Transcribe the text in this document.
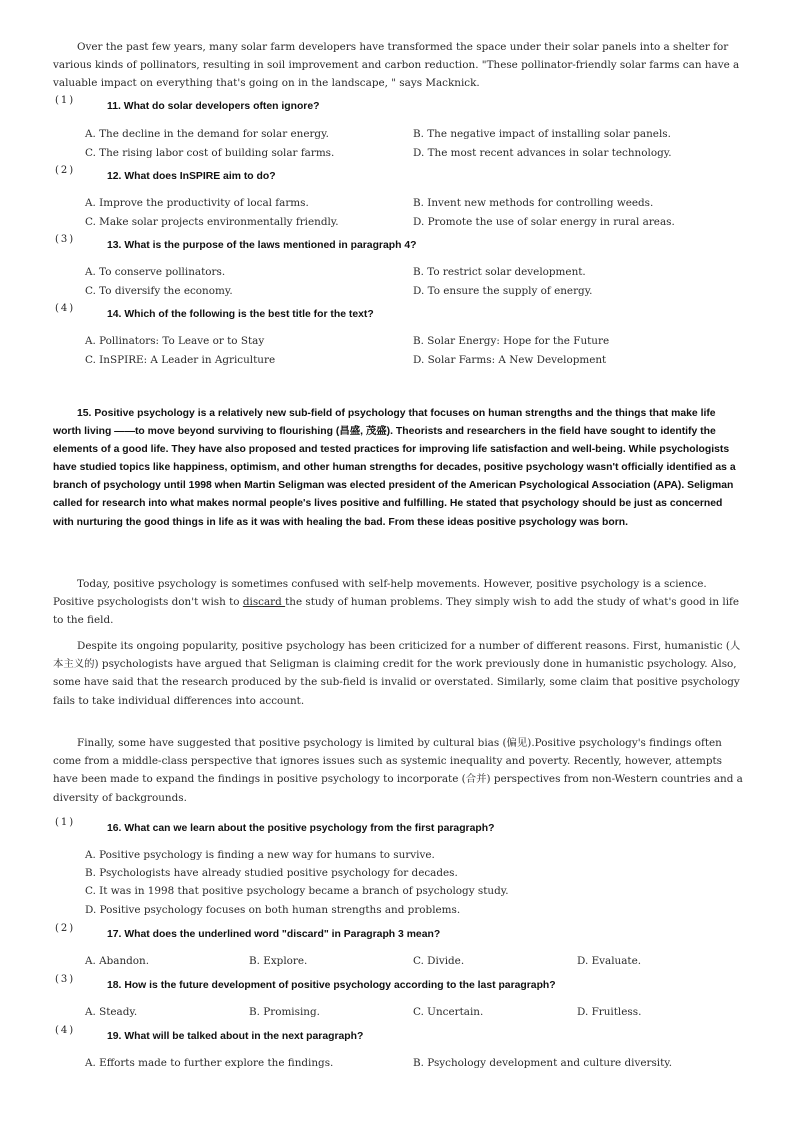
Over the past few years, many solar farm developers have transformed the space under their solar panels into a shelter for various kinds of pollinators, resulting in soil improvement and carbon reduction. "These pollinator-friendly solar farms can have a valuable impact on everything that's going on in the landscape, " says Macknick.

(1)
11. What do solar developers often ignore?
A. The decline in the demand for solar energy.	B. The negative impact of installing solar panels.
C. The rising labor cost of building solar farms.	D. The most recent advances in solar technology.
(2)
12. What does InSPIRE aim to do?
A. Improve the productivity of local farms.	B. Invent new methods for controlling weeds.
C. Make solar projects environmentally friendly.	D. Promote the use of solar energy in rural areas.
(3)
13. What is the purpose of the laws mentioned in paragraph 4?
A. To conserve pollinators.	B. To restrict solar development.
C. To diversify the economy.	D. To ensure the supply of energy.
(4)
14. Which of the following is the best title for the text?
A. Pollinators: To Leave or to Stay	B. Solar Energy: Hope for the Future
C. InSPIRE: A Leader in Agriculture	D. Solar Farms: A New Development

15. Positive psychology is a relatively new sub-field of psychology that focuses on human strengths and the things that make life worth living ——to move beyond surviving to flourishing (昌盛, 茂盛). Theorists and researchers in the field have sought to identify the elements of a good life. They have also proposed and tested practices for improving life satisfaction and well-being. While psychologists have studied topics like happiness, optimism, and other human strengths for decades, positive psychology wasn't officially identified as a branch of psychology until 1998 when Martin Seligman was elected president of the American Psychological Association (APA). Seligman called for research into what makes normal people's lives positive and fulfilling. He stated that psychology should be just as concerned with nurturing the good things in life as it was with healing the bad. From these ideas positive psychology was born.

Today, positive psychology is sometimes confused with self-help movements. However, positive psychology is a science. Positive psychologists don't wish to discard the study of human problems. They simply wish to add the study of what's good in life to the field.

Despite its ongoing popularity, positive psychology has been criticized for a number of different reasons. First, humanistic (人本主义的) psychologists have argued that Seligman is claiming credit for the work previously done in humanistic psychology. Also, some have said that the research produced by the sub-field is invalid or overstated. Similarly, some claim that positive psychology fails to take individual differences into account.

Finally, some have suggested that positive psychology is limited by cultural bias (偏见).Positive psychology's findings often come from a middle-class perspective that ignores issues such as systemic inequality and poverty. Recently, however, attempts have been made to expand the findings in positive psychology to incorporate (合并) perspectives from non-Western countries and a diversity of backgrounds.

(1)
16. What can we learn about the positive psychology from the first paragraph?
A. Positive psychology is finding a new way for humans to survive.
B. Psychologists have already studied positive psychology for decades.
C. It was in 1998 that positive psychology became a branch of psychology study.
D. Positive psychology focuses on both human strengths and problems.
(2)
17. What does the underlined word "discard" in Paragraph 3 mean?
A. Abandon.	B. Explore.	C. Divide.	D. Evaluate.
(3)
18. How is the future development of positive psychology according to the last paragraph?
A. Steady.	B. Promising.	C. Uncertain.	D. Fruitless.
(4)
19. What will be talked about in the next paragraph?
A. Efforts made to further explore the findings.	B. Psychology development and culture diversity.
